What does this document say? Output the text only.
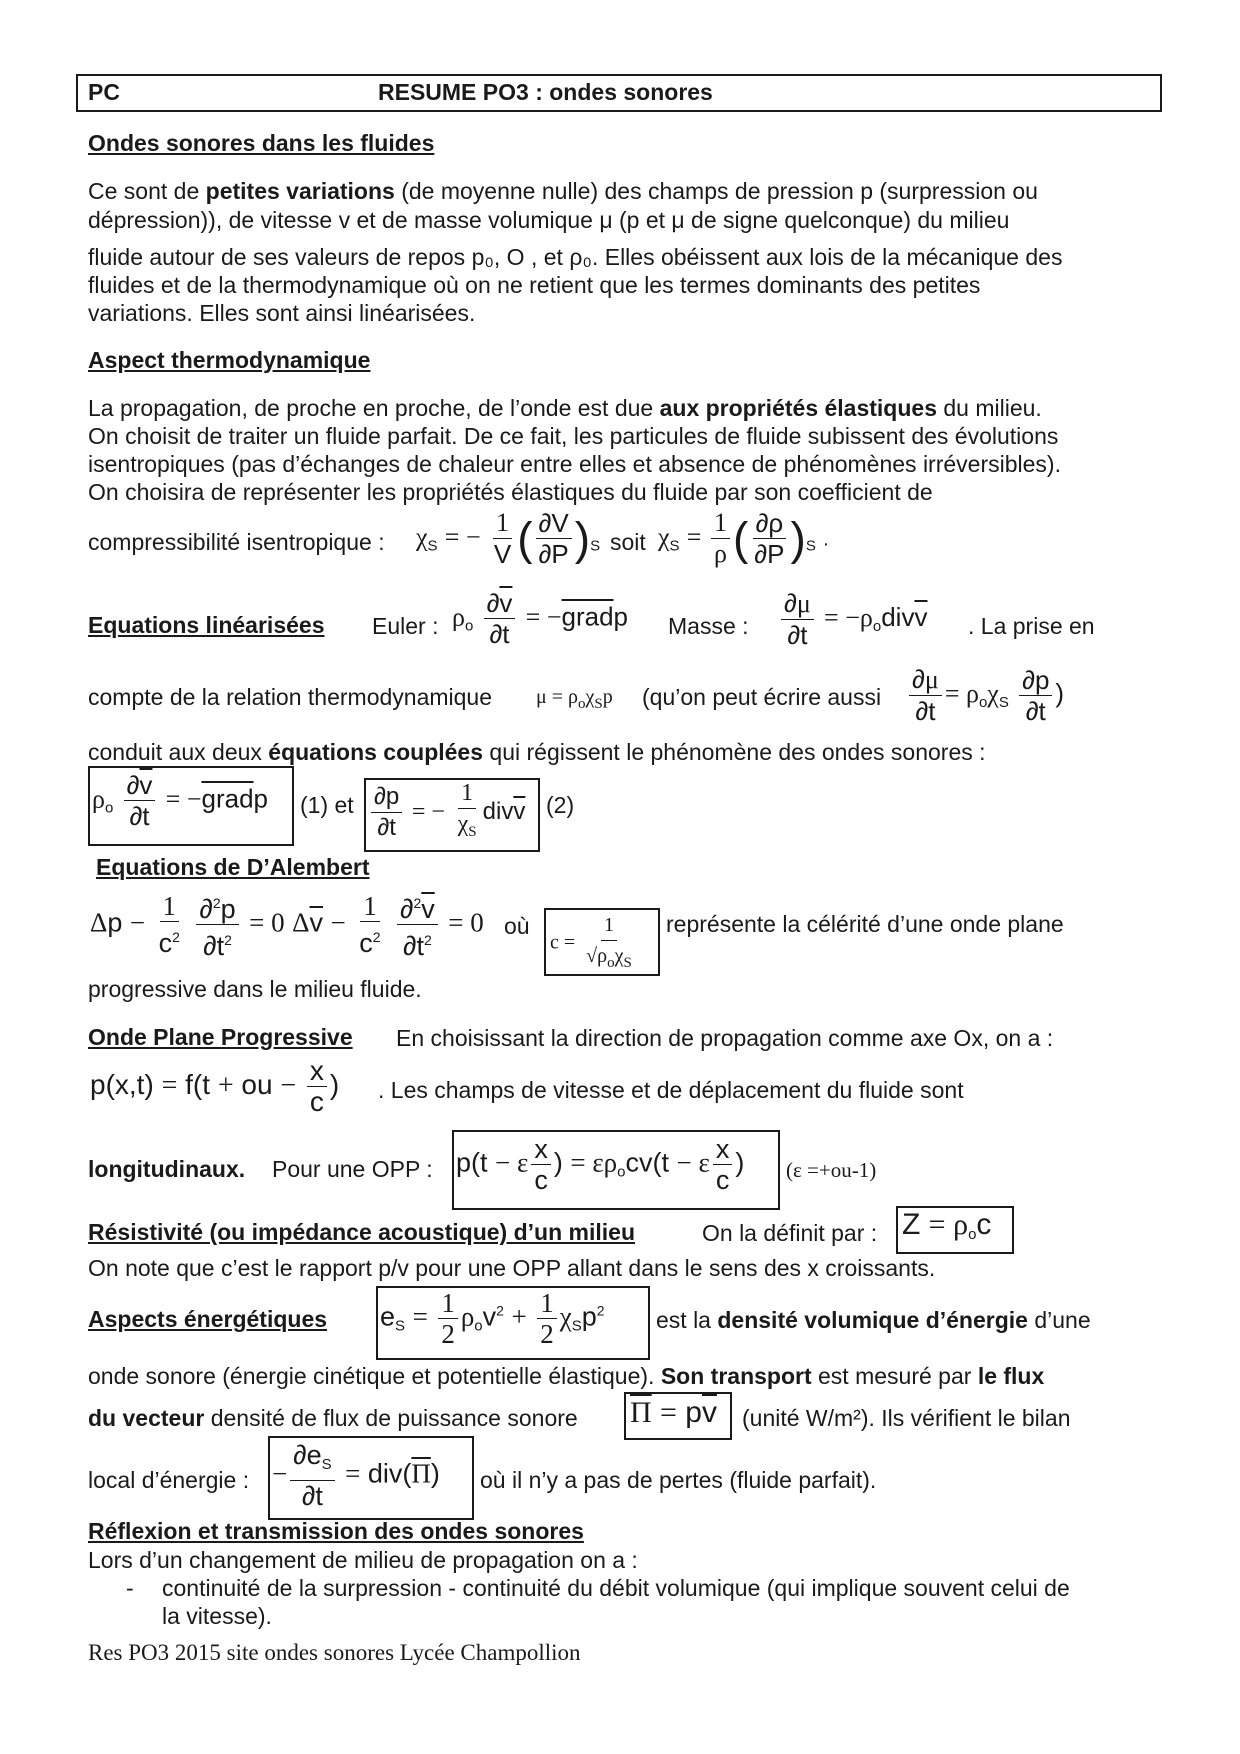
PC	RESUME PO3 : ondes sonores
Ondes sonores dans les fluides
Ce sont de petites variations (de moyenne nulle) des champs de pression p (surpression ou
dépression)), de vitesse v et de masse volumique μ (p et μ de signe quelconque) du milieu
fluide autour de ses valeurs de repos p₀, O , et ρ₀. Elles obéissent aux lois de la mécanique des
fluides et de la thermodynamique où on ne retient que les termes dominants des petites
variations. Elles sont ainsi linéarisées.
Aspect thermodynamique
La propagation, de proche en proche, de l’onde est due aux propriétés élastiques du milieu.
On choisit de traiter un fluide parfait. De ce fait, les particules de fluide subissent des évolutions
isentropiques (pas d’échanges de chaleur entre elles et absence de phénomènes irréversibles).
On choisira de représenter les propriétés élastiques du fluide par son coefficient de
compressibilité isentropique : $\chi_S$ = − $\frac{1}{V}$ ( $\frac{\partial V}{\partial P} )_S$ soit $\chi_S = \frac{1}{\rho}$ ( $\frac{\partial\rho}{\partial P} )_S$ .
Equations linéarisées Euler : $\rho_o \frac{\partial\overline{v}}{\partial t}$ = −gradp Masse : $\frac{\partial\mu}{\partial t} = -\rho_odiv\overline{v}$ . La prise en
compte de la relation thermodynamique $\mu = \rho_o\chi_Sp$ (qu’on peut écrire aussi $\frac{\partial\mu}{\partial t} = \rho_o\chi_S \frac{\partial p}{\partial t}$ )
conduit aux deux équations couplées qui régissent le phénomène des ondes sonores :
$\rho_o \frac{\partial\overline{v}}{\partial t}$ = −gradp (1) et $\frac{\partial p}{\partial t}$ = − $\frac{1}{\chi_S} div\overline{v}$ (2)
Equations de D’Alembert
$\Delta p - \frac{1}{c^2}$
$\frac{\partial^2p}{\partial t^2} = 0$ $\Delta\overline{v} - \frac{1}{c^2}$
$\frac{\partial^2\overline{v}}{\partial t^2} = 0$ où
$c = \frac{1}{√\rho_o\chi_S}$ représente la célérité d’une onde plane
progressive dans le milieu fluide.
Onde Plane Progressive En choisissant la direction de propagation comme axe Ox, on a :
p(x,t) = f(t + ou − $\frac{x}{c}$ ) . Les champs de vitesse et de déplacement du fluide sont
longitudinaux. Pour une OPP : p(t − ε $\frac{x}{c}$ ) = $\varepsilon\rho_ocv(t - \varepsilon \frac{x}{c}$ ) (ε =+ou-1)
Résistivité (ou impédance acoustique) d’un milieu	On la définit par : $Z = \rho_oc$
On note que c’est le rapport p/v pour une OPP allant dans le sens des x croissants.
Aspects énergétiques $e_S = \frac{1}{2} \rho_ov^2 + \frac{1}{2} \chi_Sp^2$ est la densité volumique d’énergie d’une
onde sonore (énergie cinétique et potentielle élastique). Son transport est mesuré par le flux
du vecteur densité de flux de puissance sonore $\overline{\Pi} = p\overline{v}$ (unité W/m²). Ils vérifient le bilan
local d’énergie : − $\frac{\partial e_S}{\partial t} = div(\overline{\Pi})$ où il n’y a pas de pertes (fluide parfait).
Réflexion et transmission des ondes sonores
Lors d’un changement de milieu de propagation on a :
- continuité de la surpression - continuité du débit volumique (qui implique souvent celui de
la vitesse).
Res PO3 2015 site ondes sonores Lycée Champollion
